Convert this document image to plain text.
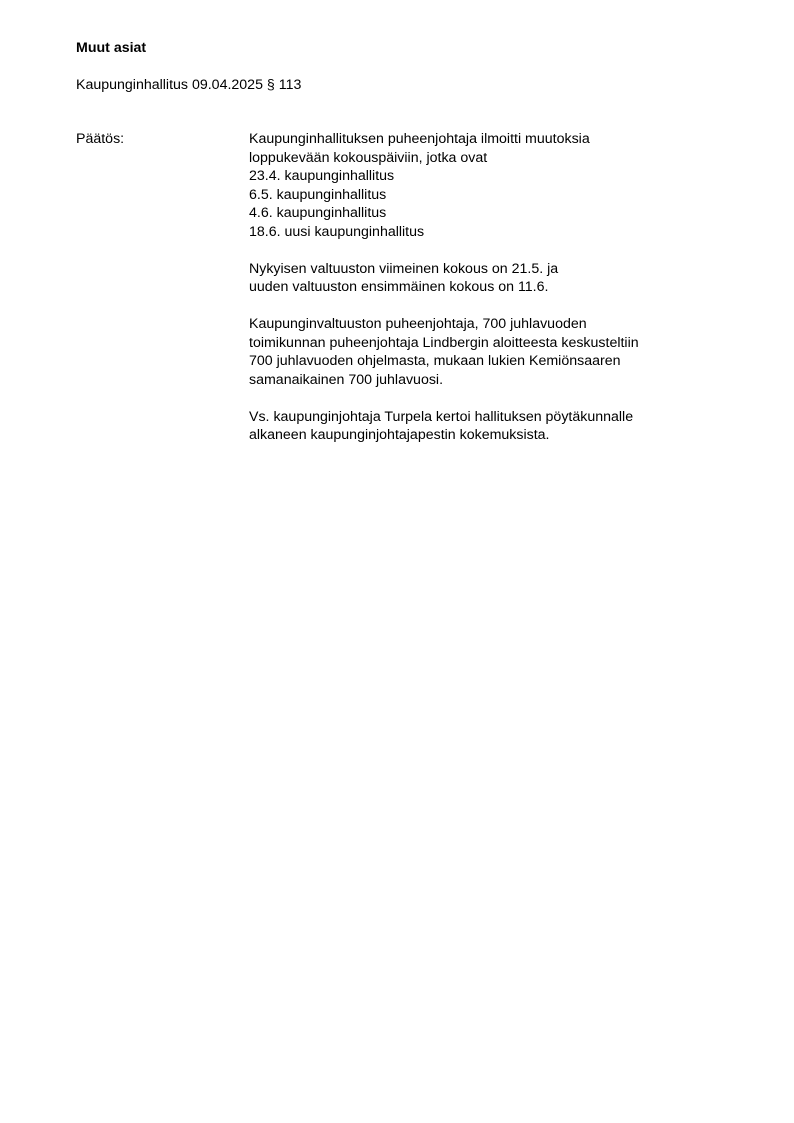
Muut asiat

Kaupunginhallitus 09.04.2025 § 113

Päätös:	Kaupunginhallituksen puheenjohtaja ilmoitti muutoksia
loppukevään kokouspäiviin, jotka ovat
23.4. kaupunginhallitus
6.5. kaupunginhallitus
4.6. kaupunginhallitus
18.6. uusi kaupunginhallitus
Nykyisen valtuuston viimeinen kokous on 21.5. ja
uuden valtuuston ensimmäinen kokous on 11.6.
Kaupunginvaltuuston puheenjohtaja, 700 juhlavuoden
toimikunnan puheenjohtaja Lindbergin aloitteesta keskusteltiin
700 juhlavuoden ohjelmasta, mukaan lukien Kemiönsaaren
samanaikainen 700 juhlavuosi.
Vs. kaupunginjohtaja Turpela kertoi hallituksen pöytäkunnalle
alkaneen kaupunginjohtajapestin kokemuksista.
